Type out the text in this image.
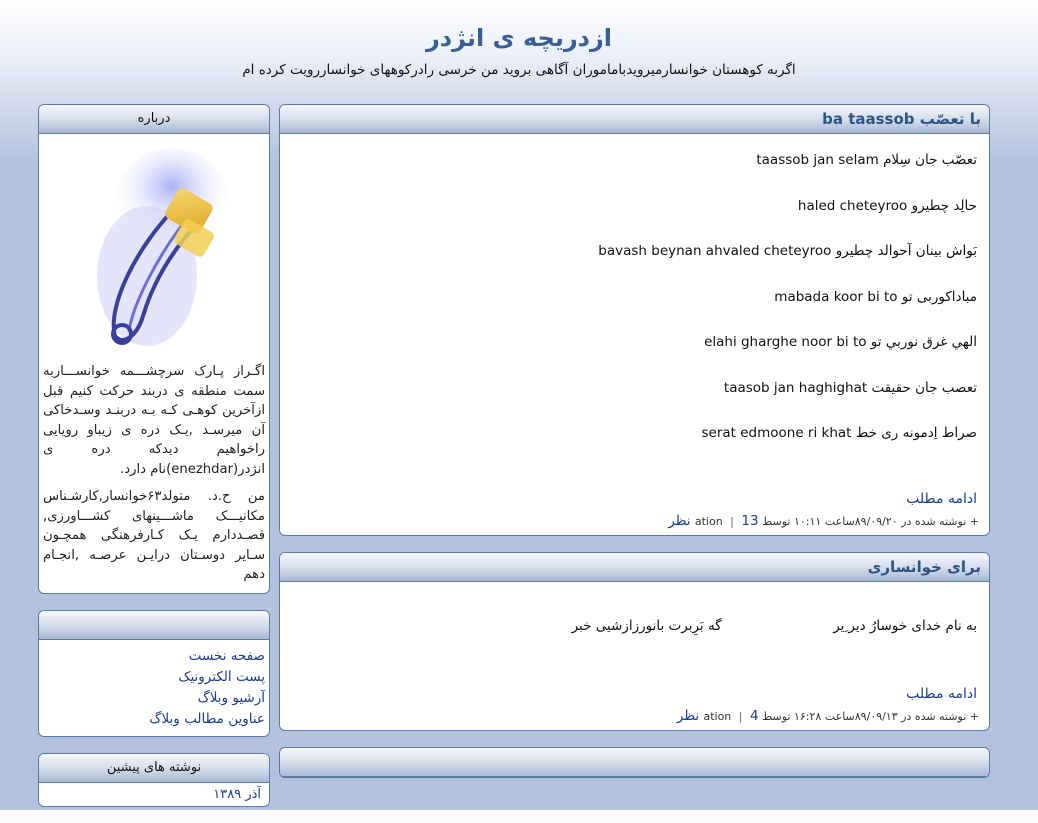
ازدریچه ی انژدر
اگربه کوهستان خوانسارمیرویدباماموران آگاهی بروید من خرسی رادرکوههای خوانساررویت کرده ام
با تعصّب ba taassob

تعصّب جان سِلام taassob jan selam

حالِد چطیرو haled cheteyroo

بَواش بینان آحوالد چطیرو bavash beynan ahvaled cheteyroo

مباداکوربی تو mabada koor bi to

الهي غرق نوربي تو elahi gharghe noor bi to

تعصب جان حقیقت taasob jan haghighat

صراط اِدمونه ری خط serat edmoone ri khat

ادامه مطلب
+ نوشته شده در ۸۹/۰۹/۲۰ساعت ۱۰:۱۱ توسط ation | 13 نظر
برای خوانساری

به نام خدای خوسارُ دیر ِیر                          گه بَرِبرت بانورزازشیی خبر

ادامه مطلب
+ نوشته شده در ۸۹/۰۹/۱۳ساعت ۱۶:۲۸ توسط ation | 4 نظر
درباره

اگـراز پـارک سرچشـــمه خوانســـاربه سمت منطقه ی دربند حرکت کنیم قبل ازآخرین کوهـی کـه بـه دربنـد وسـدخاکی آن میرسـد ,یـک دره ی زیباو رویایی راخواهیم دیدکه دره ی انژدر(enezhdar)نام دارد.

من ح.د. متولد۶۳خوانسار,کارشـناس مکانیـــک ماشـــینهای کشـــاورزی, قصـددارم یـک کـارفرهنگی همچـون سـایر دوسـتان درایـن عرصـه ,انجـام دهم

صفحه نخست
پست الکترونیک
آرشیو وبلاگ
عناوین مطالب وبلاگ
نوشته های پیشین
آذر ۱۳۸۹
